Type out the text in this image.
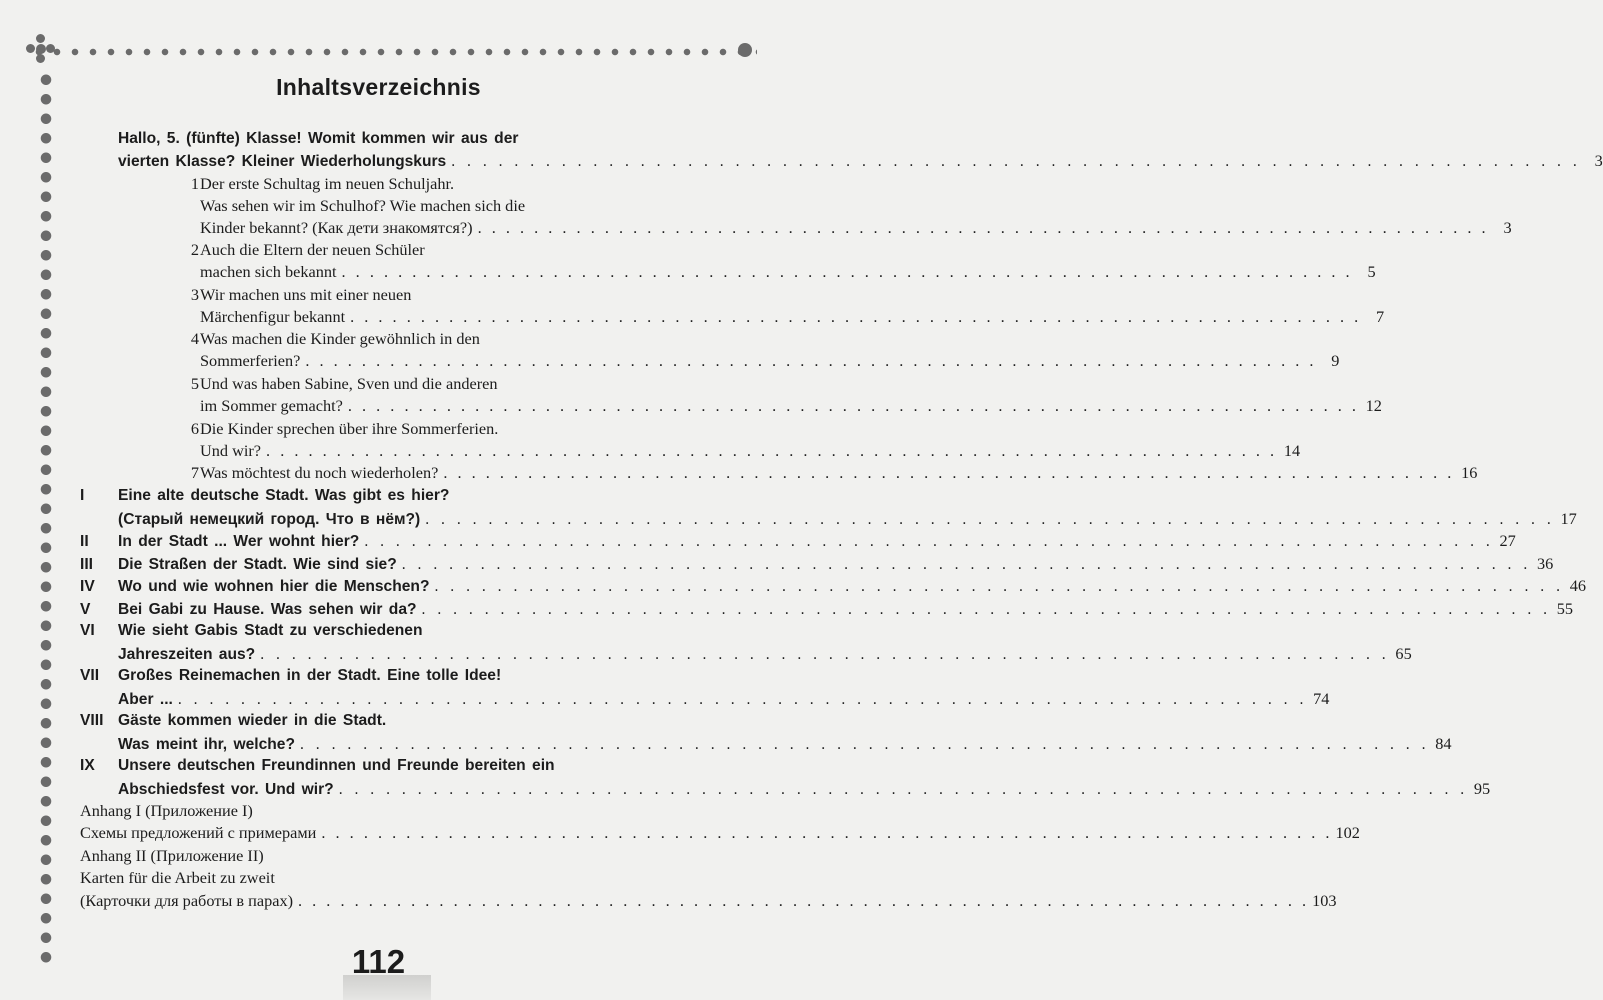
Inhaltsverzeichnis
Hallo, 5. (fünfte) Klasse! Womit kommen wir aus der
vierten Klasse? Kleiner Wiederholungskurs . . . . . . . . . . . . . . . . . . . . . . . . . . . . . . . . . . . . . . . . . . . . . . . . . . . . . . . . . . . . . . . . . . . . . . . . 3
1 Der erste Schultag im neuen Schuljahr.
Was sehen wir im Schulhof? Wie machen sich die
Kinder bekannt? (Как дети знакомятся?) . . . . . . . . . . . . . . . . . . . . . . . . . . . . . . . . . . . . . . . . . . . . . . . . . . . . . . . . . . . . . . . . . . . . . . . . 3
2 Auch die Eltern der neuen Schüler
machen sich bekannt . . . . . . . . . . . . . . . . . . . . . . . . . . . . . . . . . . . . . . . . . . . . . . . . . . . . . . . . . . . . . . . . . . . . . . . . 5
3 Wir machen uns mit einer neuen
Märchenfigur bekannt . . . . . . . . . . . . . . . . . . . . . . . . . . . . . . . . . . . . . . . . . . . . . . . . . . . . . . . . . . . . . . . . . . . . . . . . 7
4 Was machen die Kinder gewöhnlich in den
Sommerferien? . . . . . . . . . . . . . . . . . . . . . . . . . . . . . . . . . . . . . . . . . . . . . . . . . . . . . . . . . . . . . . . . . . . . . . . . 9
5 Und was haben Sabine, Sven und die anderen
im Sommer gemacht? . . . . . . . . . . . . . . . . . . . . . . . . . . . . . . . . . . . . . . . . . . . . . . . . . . . . . . . . . . . . . . . . . . . . . . . . 12
6 Die Kinder sprechen über ihre Sommerferien.
Und wir? . . . . . . . . . . . . . . . . . . . . . . . . . . . . . . . . . . . . . . . . . . . . . . . . . . . . . . . . . . . . . . . . . . . . . . . . 14
7 Was möchtest du noch wiederholen? . . . . . . . . . . . . . . . . . . . . . . . . . . . . . . . . . . . . . . . . . . . . . . . . . . . . . . . . . . . . . . . . . . . . . . . . 16
I	Eine alte deutsche Stadt. Was gibt es hier?
(Старый немецкий город. Что в нём?) . . . . . . . . . . . . . . . . . . . . . . . . . . . . . . . . . . . . . . . . . . . . . . . . . . . . . . . . . . . . . . . . . . . . . . . . 17
II	In der Stadt ... Wer wohnt hier? . . . . . . . . . . . . . . . . . . . . . . . . . . . . . . . . . . . . . . . . . . . . . . . . . . . . . . . . . . . . . . . . . . . . . . . . 27
III	Die Straßen der Stadt. Wie sind sie? . . . . . . . . . . . . . . . . . . . . . . . . . . . . . . . . . . . . . . . . . . . . . . . . . . . . . . . . . . . . . . . . . . . . . . . . 36
IV	Wo und wie wohnen hier die Menschen? . . . . . . . . . . . . . . . . . . . . . . . . . . . . . . . . . . . . . . . . . . . . . . . . . . . . . . . . . . . . . . . . . . . . . . . . 46
V	Bei Gabi zu Hause. Was sehen wir da? . . . . . . . . . . . . . . . . . . . . . . . . . . . . . . . . . . . . . . . . . . . . . . . . . . . . . . . . . . . . . . . . . . . . . . . . 55
VI	Wie sieht Gabis Stadt zu verschiedenen
Jahreszeiten aus? . . . . . . . . . . . . . . . . . . . . . . . . . . . . . . . . . . . . . . . . . . . . . . . . . . . . . . . . . . . . . . . . . . . . . . . . 65
VII	Großes Reinemachen in der Stadt. Eine tolle Idee!
Aber ... . . . . . . . . . . . . . . . . . . . . . . . . . . . . . . . . . . . . . . . . . . . . . . . . . . . . . . . . . . . . . . . . . . . . . . . . 74
VIII Gäste kommen wieder in die Stadt.
Was meint ihr, welche? . . . . . . . . . . . . . . . . . . . . . . . . . . . . . . . . . . . . . . . . . . . . . . . . . . . . . . . . . . . . . . . . . . . . . . . . 84
IX	Unsere deutschen Freundinnen und Freunde bereiten ein
Abschiedsfest vor. Und wir? . . . . . . . . . . . . . . . . . . . . . . . . . . . . . . . . . . . . . . . . . . . . . . . . . . . . . . . . . . . . . . . . . . . . . . . . 95
Anhang I (Приложение I)
Схемы предложений с примерами . . . . . . . . . . . . . . . . . . . . . . . . . . . . . . . . . . . . . . . . . . . . . . . . . . . . . . . . . . . . . . . . . . . . . . . . 102
Anhang II (Приложение II)
Karten für die Arbeit zu zweit
(Карточки для работы в парах) . . . . . . . . . . . . . . . . . . . . . . . . . . . . . . . . . . . . . . . . . . . . . . . . . . . . . . . . . . . . . . . . . . . . . . . . 103
112
